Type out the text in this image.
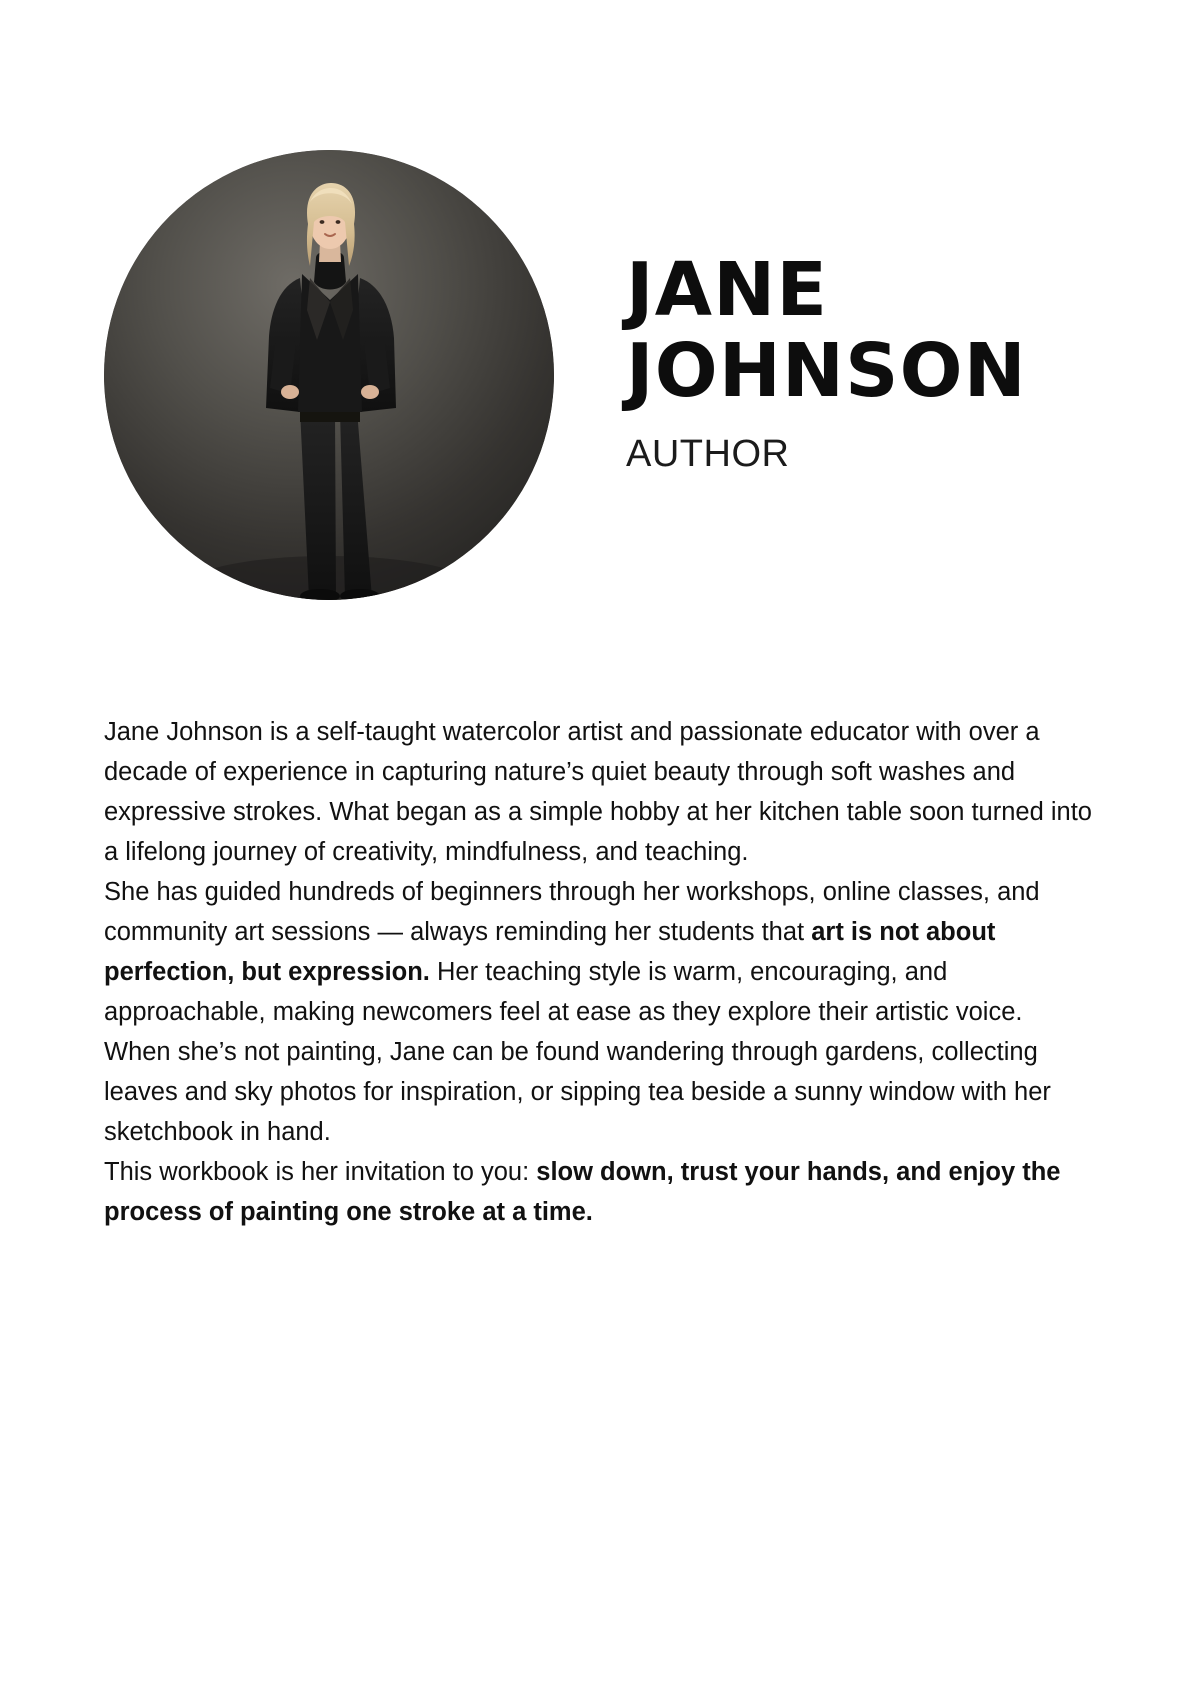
JANE
JOHNSON
AUTHOR

Jane Johnson is a self-taught watercolor artist and passionate educator with over a decade of experience in capturing nature’s quiet beauty through soft washes and expressive strokes. What began as a simple hobby at her kitchen table soon turned into a lifelong journey of creativity, mindfulness, and teaching.

She has guided hundreds of beginners through her workshops, online classes, and community art sessions — always reminding her students that art is not about perfection, but expression. Her teaching style is warm, encouraging, and approachable, making newcomers feel at ease as they explore their artistic voice.

When she’s not painting, Jane can be found wandering through gardens, collecting leaves and sky photos for inspiration, or sipping tea beside a sunny window with her sketchbook in hand.

This workbook is her invitation to you: slow down, trust your hands, and enjoy the process of painting one stroke at a time.
